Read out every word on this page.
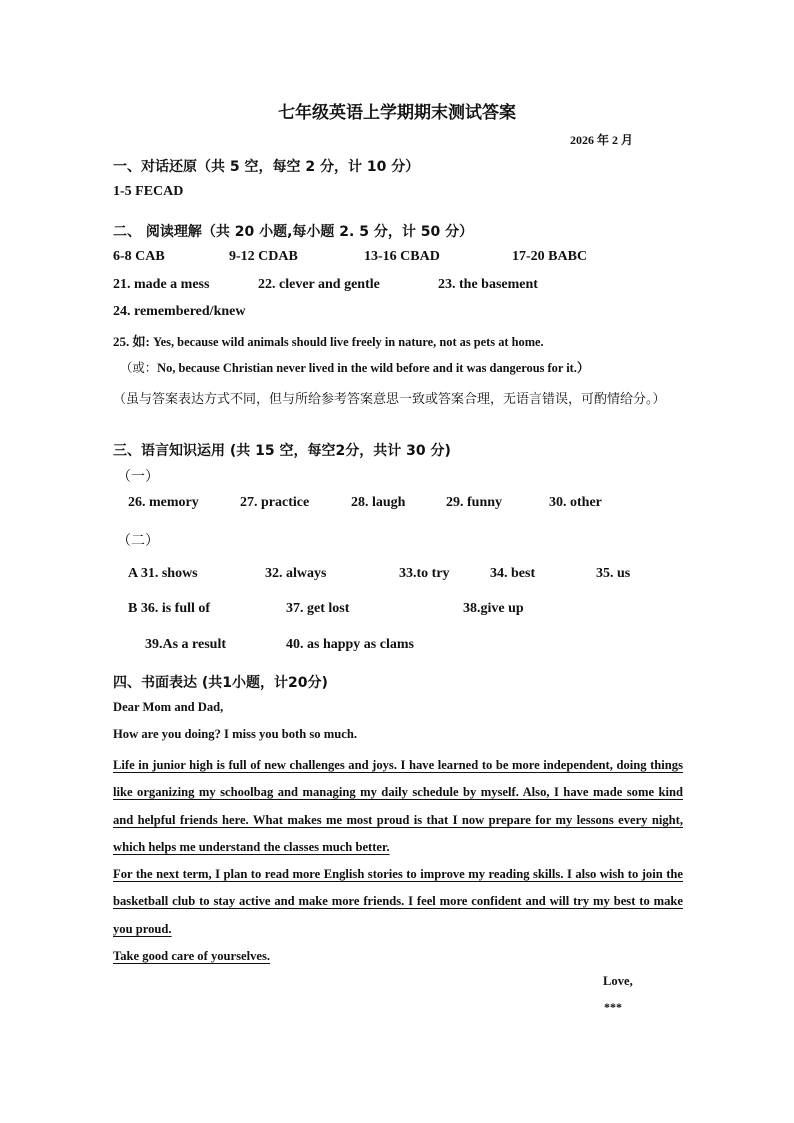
七年级英语上学期期末测试答案
2026 年 2 月
一、对话还原（共 5 空，每空 2 分，计 10 分）
1-5 FECAD
二、 阅读理解（共 20 小题,每小题 2. 5 分，计 50 分）
6-8 CAB	9-12 CDAB	13-16 CBAD	17-20 BABC
21. made a mess	22. clever and gentle	23. the basement
24. remembered/knew
25. 如: Yes, because wild animals should live freely in nature, not as pets at home.
（或：No, because Christian never lived in the wild before and it was dangerous for it.）
（虽与答案表达方式不同，但与所给参考答案意思一致或答案合理，无语言错误，可酌情给分。）
三、语言知识运用 (共 15 空，每空2分，共计 30 分)
（一）
26. memory	27. practice	28. laugh	29. funny	30. other
（二）
A 31. shows	32. always	33.to try	34. best	35. us
B 36. is full of	37. get lost	38.give up
39.As a result	40. as happy as clams
四、书面表达 (共1小题，计20分)
Dear Mom and Dad,
How are you doing? I miss you both so much.

Life in junior high is full of new challenges and joys. I have learned to be more independent, doing things like organizing my schoolbag and managing my daily schedule by myself. Also, I have made some kind and helpful friends here. What makes me most proud is that I now prepare for my lessons every night, which helps me understand the classes much better.

For the next term, I plan to read more English stories to improve my reading skills. I also wish to join the basketball club to stay active and make more friends. I feel more confident and will try my best to make you proud.

Take good care of yourselves.

Love,
***
